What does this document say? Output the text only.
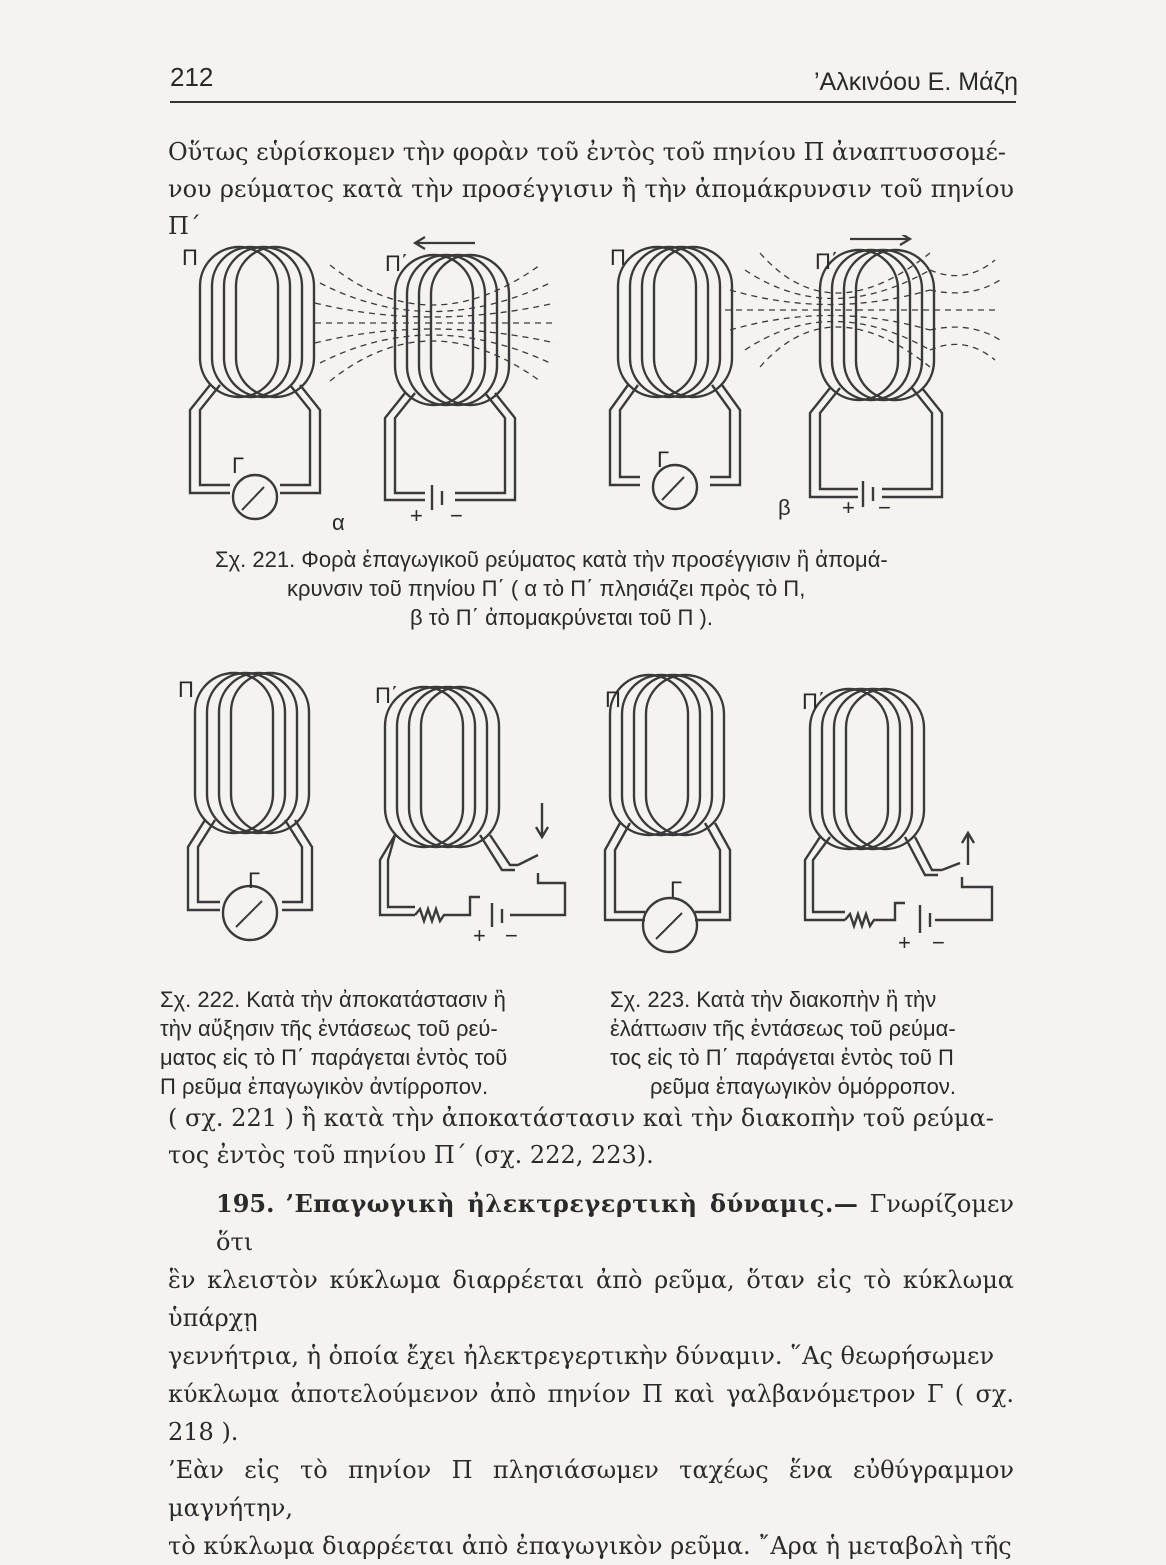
212	’Αλκινόου Ε. Μάζη

Οὕτως εὑρίσκομεν τὴν φορὰν τοῦ ἐντὸς τοῦ πηνίου Π ἀναπτυσσομέ-

νου ρεύματος κατὰ τὴν προσέγγισιν ἢ τὴν ἀπομάκρυνσιν τοῦ πηνίου Π΄

Π	Π΄	Π	Π΄
Γ	Γ
+ −	+ −
α
β
Σχ. 221. Φορὰ ἐπαγωγικοῦ ρεύματος κατὰ τὴν προσέγγισιν ἢ ἀπομά-
κρυνσιν τοῦ πηνίου Π΄ ( α τὸ Π΄ πλησιάζει πρὸς τὸ Π,
β τὸ Π΄ ἀπομακρύνεται τοῦ Π ).
Π	Π΄	Π	Π΄
Γ	Γ
+ −	+ −
Σχ. 222. Κατὰ τὴν ἀποκατάστασιν ἢ
τὴν αὔξησιν τῆς ἐντάσεως τοῦ ρεύ-
ματος εἰς τὸ Π΄ παράγεται ἐντὸς τοῦ
Π ρεῦμα ἐπαγωγικὸν ἀντίρροπον.
Σχ. 223. Κατὰ τὴν διακοπὴν ἢ τὴν
ἐλάττωσιν τῆς ἐντάσεως τοῦ ρεύμα-
τος εἰς τὸ Π΄ παράγεται ἐντὸς τοῦ Π
ρεῦμα ἐπαγωγικὸν ὁμόρροπον.

( σχ. 221 ) ἢ κατὰ τὴν ἀποκατάστασιν καὶ τὴν διακοπὴν τοῦ ρεύμα-

τος ἐντὸς τοῦ πηνίου Π΄ (σχ. 222, 223).

195. ’Επαγωγικὴ ἠλεκτρεγερτικὴ δύναμις.— Γνωρίζομεν ὅτι

ἓν κλειστὸν κύκλωμα διαρρέεται ἀπὸ ρεῦμα, ὅταν εἰς τὸ κύκλωμα ὑπάρχῃ

γεννήτρια, ἡ ὁποία ἔχει ἠλεκτρεγερτικὴν δύναμιν. ῞Ας θεωρήσωμεν

κύκλωμα ἀποτελούμενον ἀπὸ πηνίον Π καὶ γαλβανόμετρον Γ ( σχ. 218 ).

’Εὰν εἰς τὸ πηνίον Π πλησιάσωμεν ταχέως ἕνα εὐθύγραμμον μαγνήτην,

τὸ κύκλωμα διαρρέεται ἀπὸ ἐπαγωγικὸν ρεῦμα. ῎Αρα ἡ μεταβολὴ τῆς
